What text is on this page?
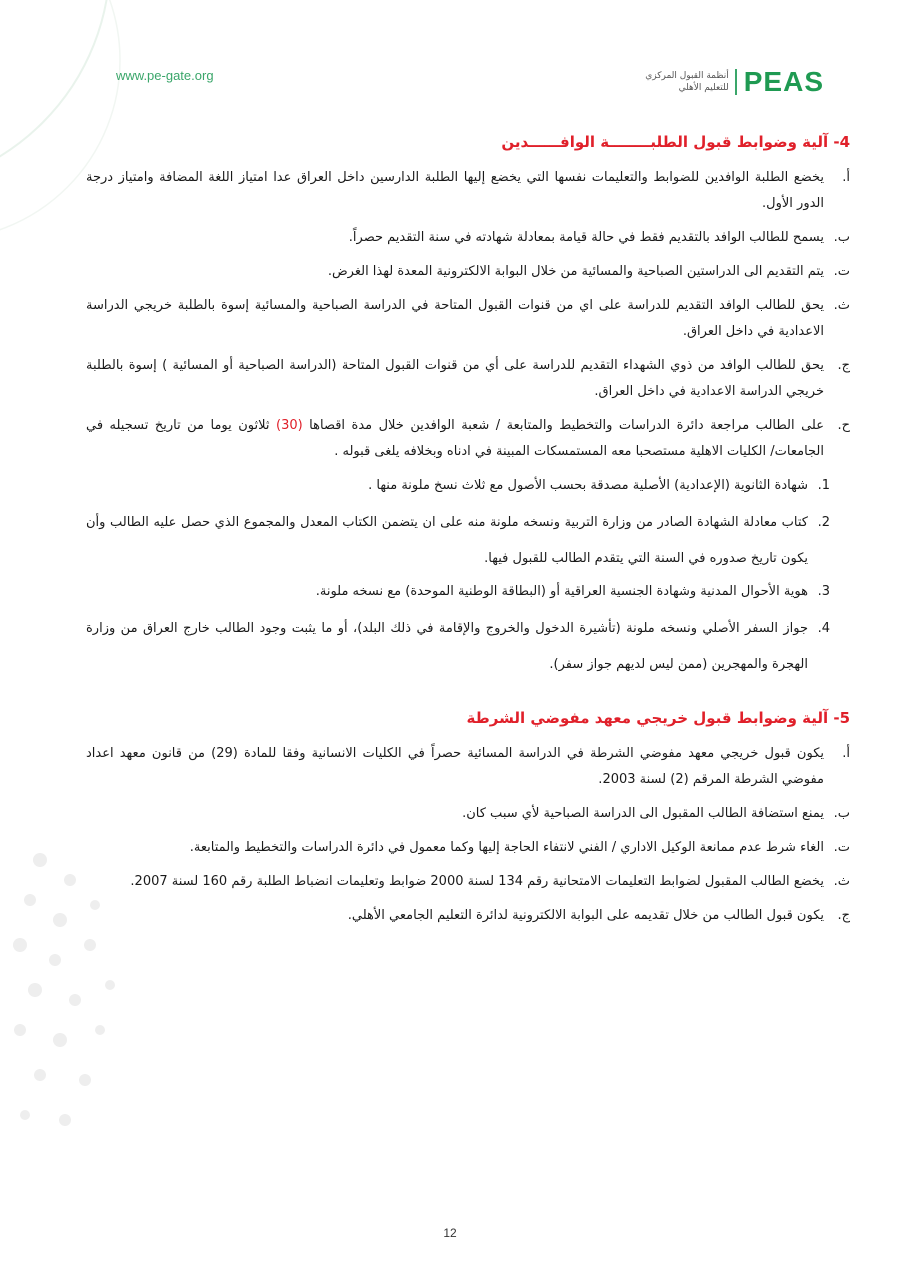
www.pe-gate.org	أنظمة القبول المركزي
للتعليم الأهلي PEAS
4- آلية وضوابط قبول الطلبــــــــة الوافــــــدين
أ.
يخضع الطلبة الوافدين للضوابط والتعليمات نفسها التي يخضع إليها الطلبة الدارسين داخل العراق عدا امتياز اللغة المضافة وامتياز درجة الدور الأول.
ب.
يسمح للطالب الوافد بالتقديم فقط في حالة قيامة بمعادلة شهادته في سنة التقديم حصراً.
ت.
يتم التقديم الى الدراستين الصباحية والمسائية من خلال البوابة الالكترونية المعدة لهذا الغرض.
ث.
يحق للطالب الوافد التقديم للدراسة على اي من قنوات القبول المتاحة في الدراسة الصباحية والمسائية إسوة بالطلبة خريجي الدراسة الاعدادية في داخل العراق.
ج.
يحق للطالب الوافد من ذوي الشهداء التقديم للدراسة على أي من قنوات القبول المتاحة (الدراسة الصباحية أو المسائية ) إسوة بالطلبة خريجي الدراسة الاعدادية في داخل العراق.
ح.
على الطالب مراجعة دائرة الدراسات والتخطيط والمتابعة / شعبة الوافدين خلال مدة اقصاها (30) ثلاثون يوما من تاريخ تسجيله في الجامعات/ الكليات الاهلية مستصحبا معه المستمسكات المبينة في ادناه وبخلافه يلغى قبوله .
1.
شهادة الثانوية (الإعدادية) الأصلية مصدقة بحسب الأصول مع ثلاث نسخ ملونة منها .
2.
كتاب معادلة الشهادة الصادر من وزارة التربية ونسخه ملونة منه على ان يتضمن الكتاب المعدل والمجموع الذي حصل عليه الطالب وأن يكون تاريخ صدوره في السنة التي يتقدم الطالب للقبول فيها.
3.
هوية الأحوال المدنية وشهادة الجنسية العراقية أو (البطاقة الوطنية الموحدة) مع نسخه ملونة.
4.
جواز السفر الأصلي ونسخه ملونة (تأشيرة الدخول والخروج والإقامة في ذلك البلد)، أو ما يثبت وجود الطالب خارج العراق من وزارة الهجرة والمهجرين (ممن ليس لديهم جواز سفر).
5- آلية وضوابط قبول خريجي معهد مفوضي الشرطة
أ.
يكون قبول خريجي معهد مفوضي الشرطة في الدراسة المسائية حصراً في الكليات الانسانية وفقا للمادة (29) من قانون معهد اعداد مفوضي الشرطة المرقم (2) لسنة 2003.
ب.
يمنع استضافة الطالب المقبول الى الدراسة الصباحية لأي سبب كان.
ت.
الغاء شرط عدم ممانعة الوكيل الاداري / الفني لانتفاء الحاجة إليها وكما معمول في دائرة الدراسات والتخطيط والمتابعة.
ث.
يخضع الطالب المقبول لضوابط التعليمات الامتحانية رقم 134 لسنة 2000 ضوابط وتعليمات انضباط الطلبة رقم 160 لسنة 2007.
ج.
يكون قبول الطالب من خلال تقديمه على البوابة الالكترونية لدائرة التعليم الجامعي الأهلي.
12
